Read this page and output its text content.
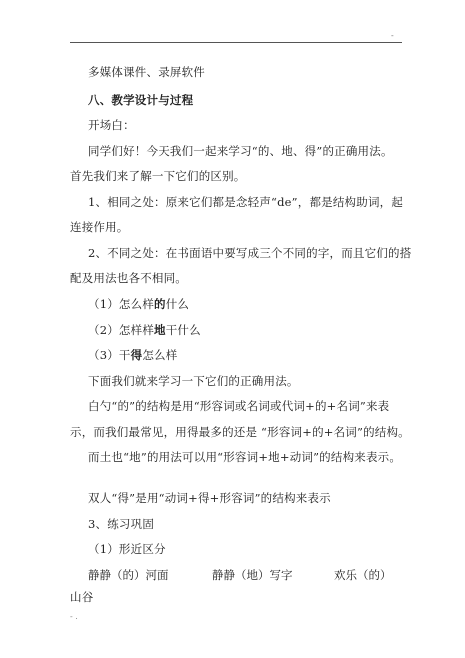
-
多媒体课件、录屏软件
八、教学设计与过程
开场白：
同学们好！今天我们一起来学习“的、地、得”的正确用法。
首先我们来了解一下它们的区别。
1、相同之处：原来它们都是念轻声“de”，都是结构助词，起
连接作用。
2、不同之处：在书面语中要写成三个不同的字，而且它们的搭
配及用法也各不相同。
（1）怎么样的什么
（2）怎样样地干什么
（3）干得怎么样
下面我们就来学习一下它们的正确用法。
白勺“的”的结构是用“形容词或名词或代词+的+名词”来表
示，而我们最常见，用得最多的还是 “形容词+的+名词”的结构。
而土也“地”的用法可以用“形容词+地+动词”的结构来表示。
双人“得”是用“动词+得+形容词”的结构来表示
3、练习巩固
（1）形近区分
静静（的）河面	静静（地）写字	欢乐（的）
山谷
- .
